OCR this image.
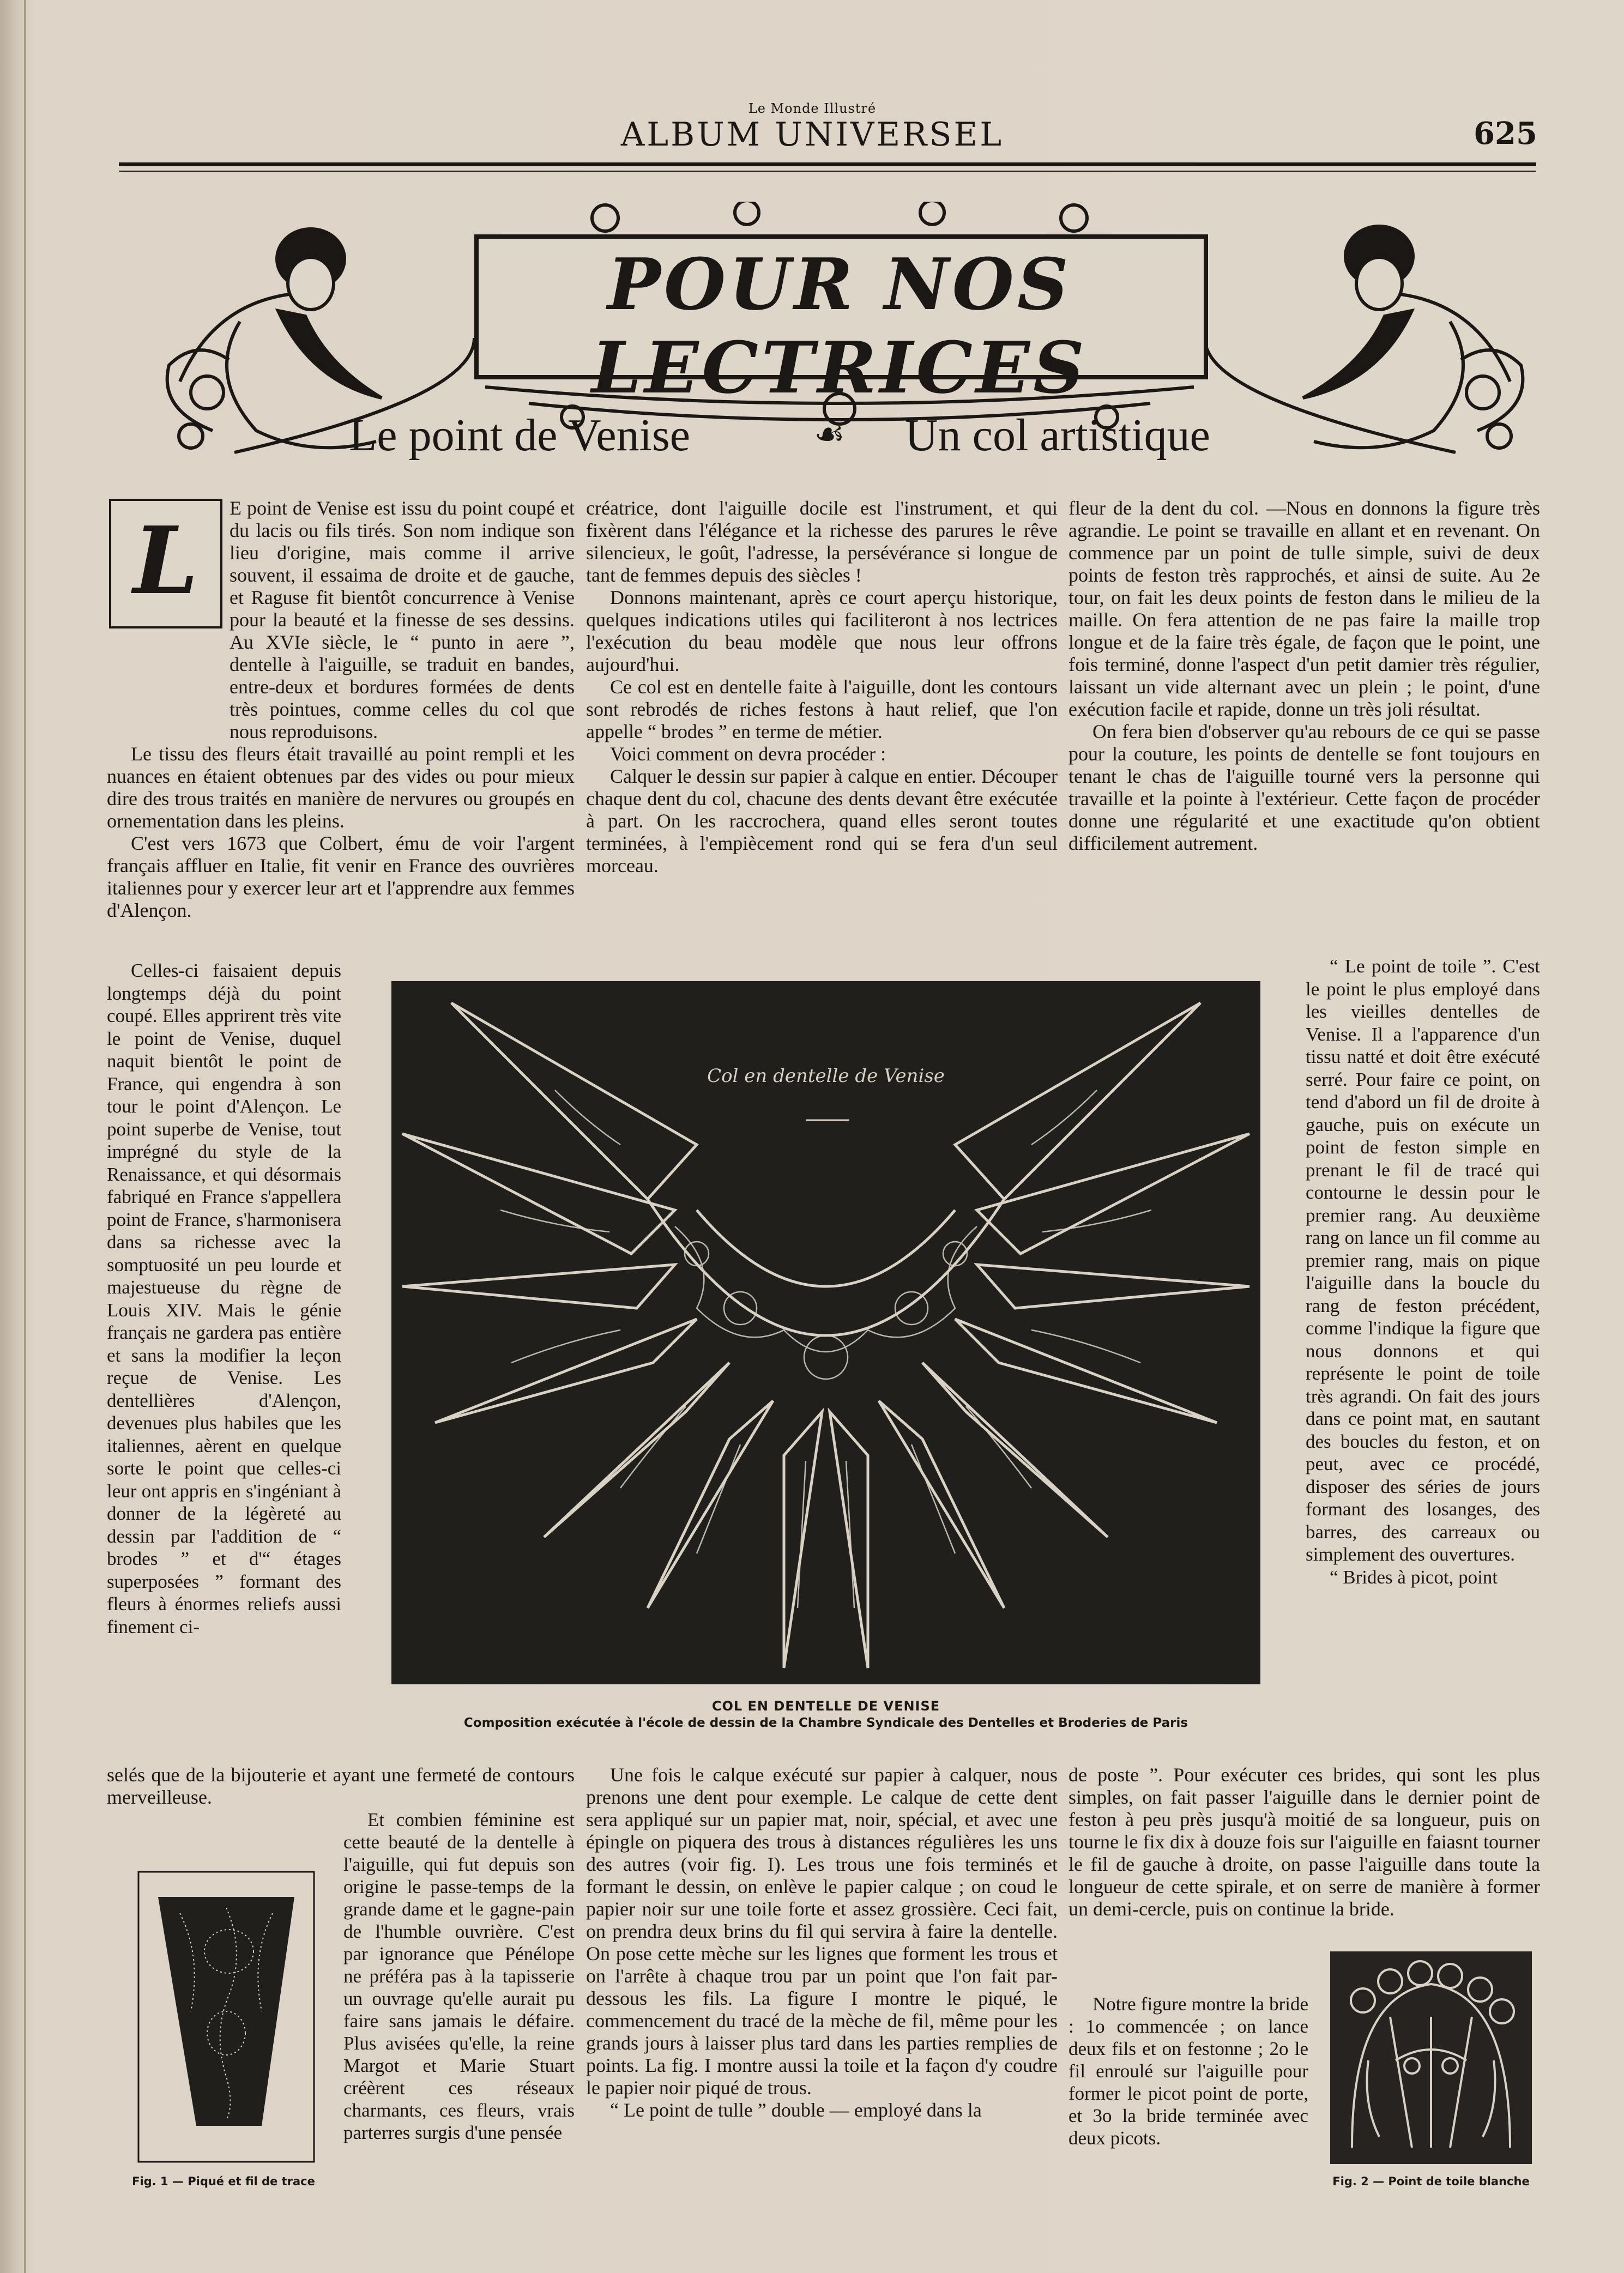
Le Monde Illustré
ALBUM UNIVERSEL	625
POUR NOS LECTRICES
Le point de Venise	☙ Un col artistique
L	E point de Venise est issu du point coupé et du lacis ou fils tirés. Son nom indique son lieu d'origine, mais comme il arrive souvent, il essaima de droite et de gauche, et Raguse fit bientôt concurrence à Venise pour la beauté et la finesse de ses dessins. Au XVIe siècle, le “ punto in aere ”, dentelle à l'aiguille, se traduit en bandes, entre-deux et bordures formées de dents très pointues, comme celles du col que nous reproduisons.

Le tissu des fleurs était travaillé au point rempli et les nuances en étaient obtenues par des vides ou pour mieux dire des trous traités en manière de nervures ou groupés en ornementation dans les pleins.

C'est vers 1673 que Colbert, ému de voir l'argent français affluer en Italie, fit venir en France des ouvrières italiennes pour y exercer leur art et l'apprendre aux femmes d'Alençon.

créatrice, dont l'aiguille docile est l'instrument, et qui fixèrent dans l'élégance et la richesse des parures le rêve silencieux, le goût, l'adresse, la persévérance si longue de tant de femmes depuis des siècles !

Donnons maintenant, après ce court aperçu historique, quelques indications utiles qui faciliteront à nos lectrices l'exécution du beau modèle que nous leur offrons aujourd'hui.

Ce col est en dentelle faite à l'aiguille, dont les contours sont rebrodés de riches festons à haut relief, que l'on appelle “ brodes ” en terme de métier.

Voici comment on devra procéder :

Calquer le dessin sur papier à calque en entier. Découper chaque dent du col, chacune des dents devant être exécutée à part. On les raccrochera, quand elles seront toutes terminées, à l'empiècement rond qui se fera d'un seul morceau.

fleur de la dent du col. —Nous en donnons la figure très agrandie. Le point se travaille en allant et en revenant. On commence par un point de tulle simple, suivi de deux points de feston très rapprochés, et ainsi de suite. Au 2e tour, on fait les deux points de feston dans le milieu de la maille. On fera attention de ne pas faire la maille trop longue et de la faire très égale, de façon que le point, une fois terminé, donne l'aspect d'un petit damier très régulier, laissant un vide alternant avec un plein ; le point, d'une exécution facile et rapide, donne un très joli résultat.

On fera bien d'observer qu'au rebours de ce qui se passe pour la couture, les points de dentelle se font toujours en tenant le chas de l'aiguille tourné vers la personne qui travaille et la pointe à l'extérieur. Cette façon de procéder donne une régularité et une exactitude qu'on obtient difficilement autrement.

Celles-ci faisaient depuis longtemps déjà du point coupé. Elles apprirent très vite le point de Venise, duquel naquit bientôt le point de France, qui engendra à son tour le point d'Alençon. Le point superbe de Venise, tout imprégné du style de la Renaissance, et qui désormais fabriqué en France s'appellera point de France, s'harmonisera dans sa richesse avec la somptuosité un peu lourde et majestueuse du règne de Louis XIV. Mais le génie français ne gardera pas entière et sans la modifier la leçon reçue de Venise. Les dentellières d'Alençon, devenues plus habiles que les italiennes, aèrent en quelque sorte le point que celles-ci leur ont appris en s'ingéniant à donner de la légèreté au dessin par l'addition de “ brodes ” et d'“ étages superposées ” formant des fleurs à énormes reliefs aussi finement ci-

“ Le point de toile ”. C'est le point le plus employé dans les vieilles dentelles de Venise. Il a l'apparence d'un tissu natté et doit être exécuté serré. Pour faire ce point, on tend d'abord un fil de droite à gauche, puis on exécute un point de feston simple en prenant le fil de tracé qui contourne le dessin pour le premier rang. Au deuxième rang on lance un fil comme au premier rang, mais on pique l'aiguille dans la boucle du rang de feston précédent, comme l'indique la figure que nous donnons et qui représente le point de toile très agrandi. On fait des jours dans ce point mat, en sautant des boucles du feston, et on peut, avec ce procédé, disposer des séries de jours formant des losanges, des barres, des carreaux ou simplement des ouvertures.

“ Brides à picot, point

Col en dentelle de Venise
COL EN DENTELLE DE VENISE
Composition exécutée à l'école de dessin de la Chambre Syndicale des Dentelles et Broderies de Paris

selés que de la bijouterie et ayant une fermeté de contours merveilleuse.

Et combien féminine est cette beauté de la dentelle à l'aiguille, qui fut depuis son origine le passe-temps de la grande dame et le gagne-pain de l'humble ouvrière. C'est par ignorance que Pénélope ne préféra pas à la tapisserie un ouvrage qu'elle aurait pu faire sans jamais le défaire. Plus avisées qu'elle, la reine Margot et Marie Stuart créèrent ces réseaux charmants, ces fleurs, vrais parterres surgis d'une pensée

Fig. 1 — Piqué et fil de trace

Une fois le calque exécuté sur papier à calquer, nous prenons une dent pour exemple. Le calque de cette dent sera appliqué sur un papier mat, noir, spécial, et avec une épingle on piquera des trous à distances régulières les uns des autres (voir fig. I). Les trous une fois terminés et formant le dessin, on enlève le papier calque ; on coud le papier noir sur une toile forte et assez grossière. Ceci fait, on prendra deux brins du fil qui servira à faire la dentelle. On pose cette mèche sur les lignes que forment les trous et on l'arrête à chaque trou par un point que l'on fait par-dessous les fils. La figure I montre le piqué, le commencement du tracé de la mèche de fil, même pour les grands jours à laisser plus tard dans les parties remplies de points. La fig. I montre aussi la toile et la façon d'y coudre le papier noir piqué de trous.

“ Le point de tulle ” double — employé dans la

de poste ”. Pour exécuter ces brides, qui sont les plus simples, on fait passer l'aiguille dans le dernier point de feston à peu près jusqu'à moitié de sa longueur, puis on tourne le fix dix à douze fois sur l'aiguille en faiasnt tourner le fil de gauche à droite, on passe l'aiguille dans toute la longueur de cette spirale, et on serre de manière à former un demi-cercle, puis on continue la bride.

Notre figure montre la bride : 1o commencée ; on lance deux fils et on festonne ; 2o le fil enroulé sur l'aiguille pour former le picot point de porte, et 3o la bride terminée avec deux picots.

Fig. 2 — Point de toile blanche
